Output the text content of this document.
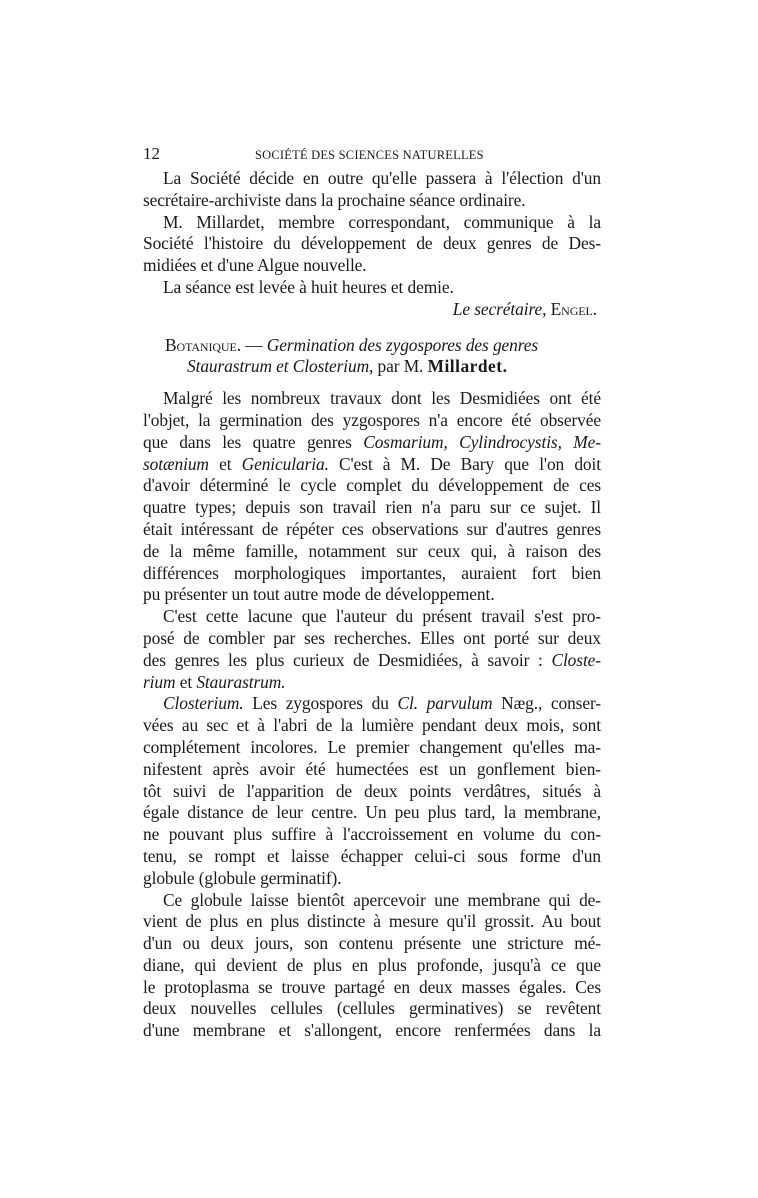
12	SOCIÉTÉ DES SCIENCES NATURELLES
La Société décide en outre qu'elle passera à l'élection d'un
secrétaire-archiviste dans la prochaine séance ordinaire.
M. Millardet, membre correspondant, communique à la
Société l'histoire du développement de deux genres de Des-
midiées et d'une Algue nouvelle.
La séance est levée à huit heures et demie.
Le secrétaire, Engel.
Botanique. — Germination des zygospores des genres
Staurastrum et Closterium, par M. Millardet.
Malgré les nombreux travaux dont les Desmidiées ont été
l'objet, la germination des yzgospores n'a encore été observée
que dans les quatre genres Cosmarium, Cylindrocystis, Me-
sotænium et Genicularia. C'est à M. De Bary que l'on doit
d'avoir déterminé le cycle complet du développement de ces
quatre types; depuis son travail rien n'a paru sur ce sujet. Il
était intéressant de répéter ces observations sur d'autres genres
de la même famille, notamment sur ceux qui, à raison des
différences morphologiques importantes, auraient fort bien
pu présenter un tout autre mode de développement.
C'est cette lacune que l'auteur du présent travail s'est pro-
posé de combler par ses recherches. Elles ont porté sur deux
des genres les plus curieux de Desmidiées, à savoir : Closte-
rium et Staurastrum.
Closterium. Les zygospores du Cl. parvulum Næg., conser-
vées au sec et à l'abri de la lumière pendant deux mois, sont
complétement incolores. Le premier changement qu'elles ma-
nifestent après avoir été humectées est un gonflement bien-
tôt suivi de l'apparition de deux points verdâtres, situés à
égale distance de leur centre. Un peu plus tard, la membrane,
ne pouvant plus suffire à l'accroissement en volume du con-
tenu, se rompt et laisse échapper celui-ci sous forme d'un
globule (globule germinatif).
Ce globule laisse bientôt apercevoir une membrane qui de-
vient de plus en plus distincte à mesure qu'il grossit. Au bout
d'un ou deux jours, son contenu présente une stricture mé-
diane, qui devient de plus en plus profonde, jusqu'à ce que
le protoplasma se trouve partagé en deux masses égales. Ces
deux nouvelles cellules (cellules germinatives) se revêtent
d'une membrane et s'allongent, encore renfermées dans la
